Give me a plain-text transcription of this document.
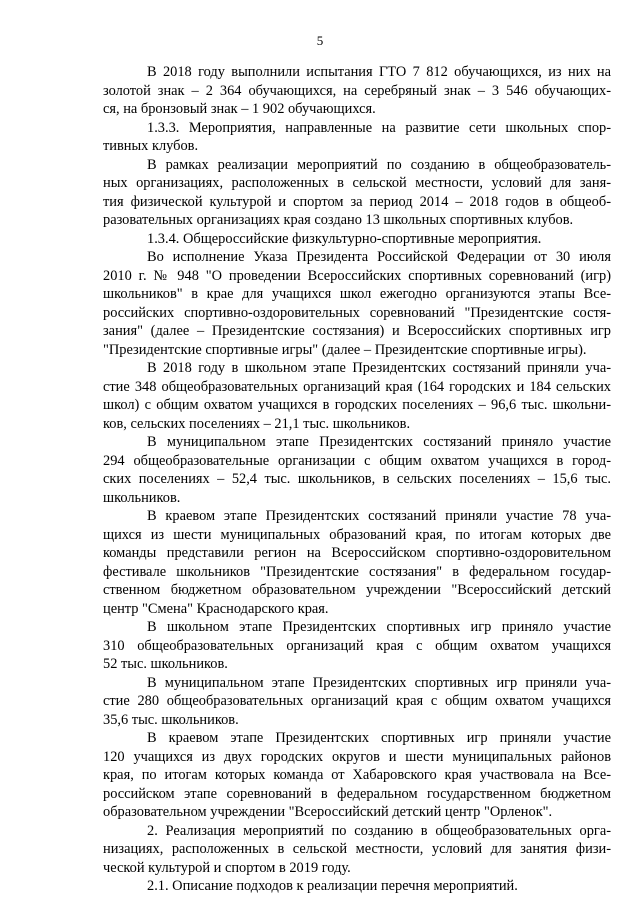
5
В 2018 году выполнили испытания ГТО 7 812 обучающихся, из них на
золотой знак – 2 364 обучающихся, на серебряный знак – 3 546 обучающих-
ся, на бронзовый знак – 1 902 обучающихся.
1.3.3. Мероприятия, направленные на развитие сети школьных спор-
тивных клубов.
В рамках реализации мероприятий по созданию в общеобразователь-
ных организациях, расположенных в сельской местности, условий для заня-
тия физической культурой и спортом за период 2014 – 2018 годов в общеоб-
разовательных организациях края создано 13 школьных спортивных клубов.
1.3.4. Общероссийские физкультурно-спортивные мероприятия.
Во исполнение Указа Президента Российской Федерации от 30 июля
2010 г. № 948 "О проведении Всероссийских спортивных соревнований (игр)
школьников" в крае для учащихся школ ежегодно организуются этапы Все-
российских спортивно-оздоровительных соревнований "Президентские состя-
зания" (далее – Президентские состязания) и Всероссийских спортивных игр
"Президентские спортивные игры" (далее – Президентские спортивные игры).
В 2018 году в школьном этапе Президентских состязаний приняли уча-
стие 348 общеобразовательных организаций края (164 городских и 184 сельских
школ) с общим охватом учащихся в городских поселениях – 96,6 тыс. школьни-
ков, сельских поселениях – 21,1 тыс. школьников.
В муниципальном этапе Президентских состязаний приняло участие
294 общеобразовательные организации с общим охватом учащихся в город-
ских поселениях – 52,4 тыс. школьников, в сельских поселениях – 15,6 тыс.
школьников.
В краевом этапе Президентских состязаний приняли участие 78 уча-
щихся из шести муниципальных образований края, по итогам которых две
команды представили регион на Всероссийском спортивно-оздоровительном
фестивале школьников "Президентские состязания" в федеральном государ-
ственном бюджетном образовательном учреждении "Всероссийский детский
центр "Смена" Краснодарского края.
В школьном этапе Президентских спортивных игр приняло участие
310 общеобразовательных организаций края с общим охватом учащихся
52 тыс. школьников.
В муниципальном этапе Президентских спортивных игр приняли уча-
стие 280 общеобразовательных организаций края с общим охватом учащихся
35,6 тыс. школьников.
В краевом этапе Президентских спортивных игр приняли участие
120 учащихся из двух городских округов и шести муниципальных районов
края, по итогам которых команда от Хабаровского края участвовала на Все-
российском этапе соревнований в федеральном государственном бюджетном
образовательном учреждении "Всероссийский детский центр "Орленок".
2. Реализация мероприятий по созданию в общеобразовательных орга-
низациях, расположенных в сельской местности, условий для занятия физи-
ческой культурой и спортом в 2019 году.
2.1. Описание подходов к реализации перечня мероприятий.
